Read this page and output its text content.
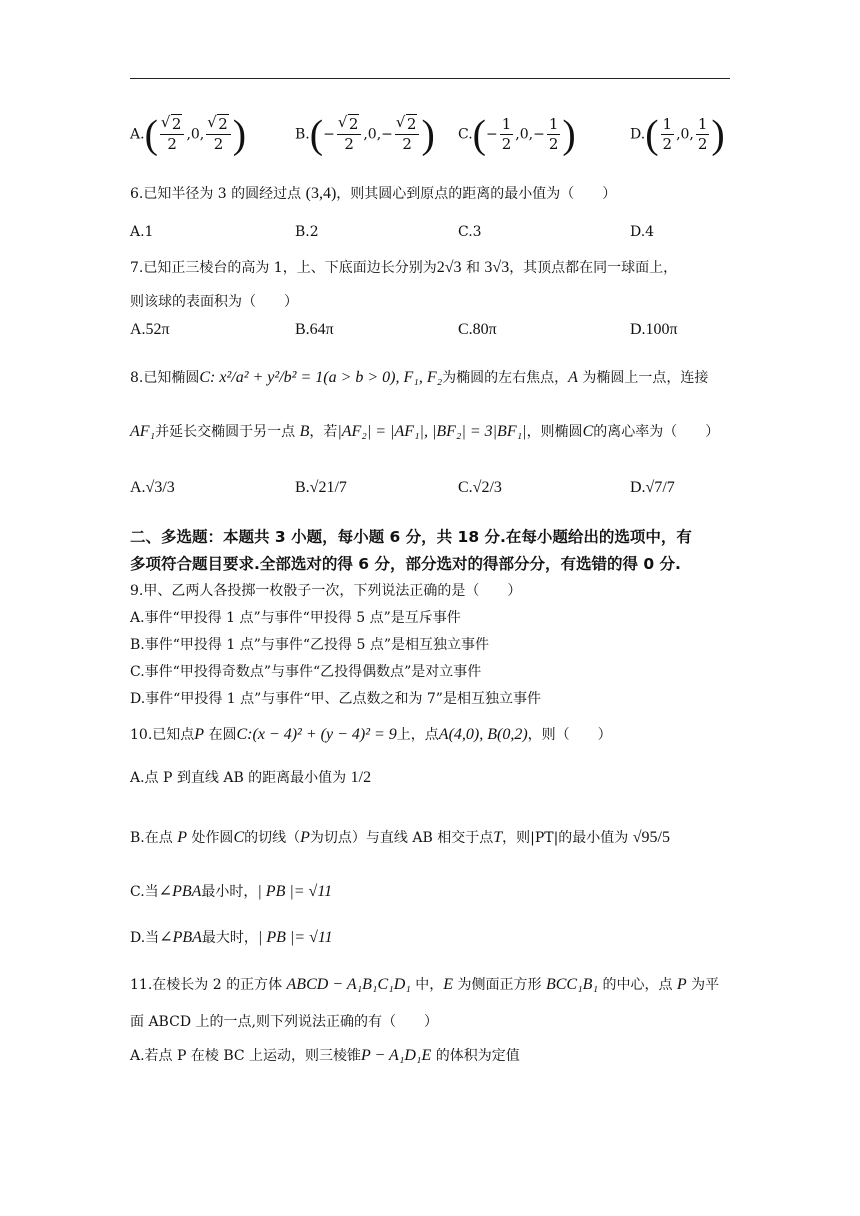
A.( √ $\frac{2}{2} ,0$, √ $\frac{2}{2}$ )	B.(− √ $\frac{2}{2} ,0,-$ √ $\frac{2}{2}$ ) $C.(- \frac{1}{2} ,0,- \frac{1}{2}$ )	$D.( \frac{1}{2} ,0$, $\frac{1}{2}$ )
6.已知半径为 3 的圆经过点 (3,4)，则其圆心到原点的距离的最小值为（　　）
A.1	B.2	C.3	D.4
7.已知正三棱台的高为 1，上、下底面边长分别为2√3 和 3√3，其顶点都在同一球面上，
则该球的表面积为（　　）
A.52π	B.64π	C.80π	D.100π
8.已知椭圆C: x²/a² + y²/b² = 1(a > b > 0), F₁, F₂为椭圆的左右焦点，A 为椭圆上一点，连接
AF₁并延长交椭圆于另一点 B，若|AF₂| = |AF₁|, |BF₂| = 3|BF₁|，则椭圆C的离心率为（　　）
A.√3/3	B.√21/7	C.√2/3	D.√7/7
二、多选题：本题共 3 小题，每小题 6 分，共 18 分.在每小题给出的选项中，有
多项符合题目要求.全部选对的得 6 分，部分选对的得部分分，有选错的得 0 分.
9.甲、乙两人各投掷一枚骰子一次，下列说法正确的是（　　）
A.事件“甲投得 1 点”与事件“甲投得 5 点”是互斥事件
B.事件“甲投得 1 点”与事件“乙投得 5 点”是相互独立事件
C.事件“甲投得奇数点”与事件“乙投得偶数点”是对立事件
D.事件“甲投得 1 点”与事件“甲、乙点数之和为 7”是相互独立事件
10.已知点P 在圆C:(x − 4)² + (y − 4)² = 9上，点A(4,0), B(0,2)，则（　　）
A.点 P 到直线 AB 的距离最小值为 1/2
B.在点 P 处作圆C的切线（P为切点）与直线 AB 相交于点T，则|PT|的最小值为 √95/5
C.当∠PBA最小时，| PB |= √11
D.当∠PBA最大时，| PB |= √11
11.在棱长为 2 的正方体 ABCD − A₁B₁C₁D₁ 中，E 为侧面正方形 BCC₁B₁ 的中心，点 P 为平
面 ABCD 上的一点,则下列说法正确的有（　　）
A.若点 P 在棱 BC 上运动，则三棱锥P − A₁D₁E 的体积为定值
